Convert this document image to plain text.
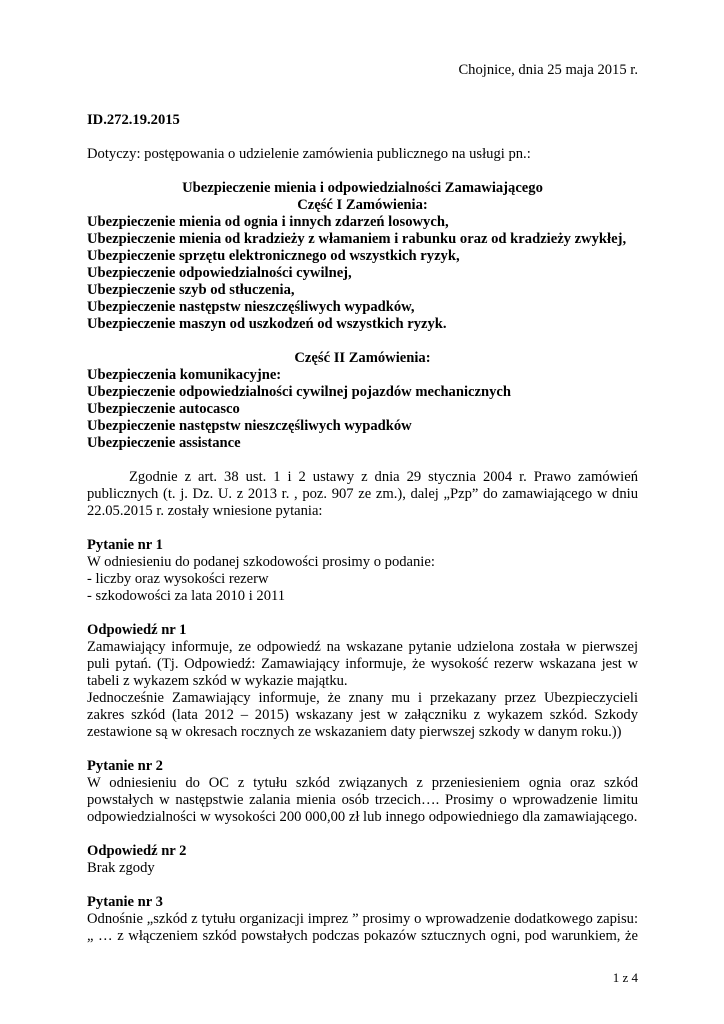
Chojnice, dnia 25 maja 2015 r.
ID.272.19.2015
Dotyczy: postępowania o udzielenie zamówienia publicznego na usługi pn.:
Ubezpieczenie mienia i odpowiedzialności Zamawiającego
Część I Zamówienia:
Ubezpieczenie mienia od ognia i innych zdarzeń losowych,
Ubezpieczenie mienia od kradzieży z włamaniem i rabunku oraz od kradzieży zwykłej,
Ubezpieczenie sprzętu elektronicznego od wszystkich ryzyk,
Ubezpieczenie odpowiedzialności cywilnej,
Ubezpieczenie szyb od stłuczenia,
Ubezpieczenie następstw nieszczęśliwych wypadków,
Ubezpieczenie maszyn od uszkodzeń od wszystkich ryzyk.
Część II Zamówienia:
Ubezpieczenia komunikacyjne:
Ubezpieczenie odpowiedzialności cywilnej pojazdów mechanicznych
Ubezpieczenie autocasco
Ubezpieczenie następstw nieszczęśliwych wypadków
Ubezpieczenie assistance
Zgodnie z art. 38 ust. 1 i 2 ustawy z dnia 29 stycznia 2004 r. Prawo zamówień
publicznych (t. j. Dz. U. z 2013 r. , poz. 907 ze zm.), dalej „Pzp” do zamawiającego w dniu
22.05.2015 r. zostały wniesione pytania:
Pytanie nr 1
W odniesieniu do podanej szkodowości prosimy o podanie:
- liczby oraz wysokości rezerw
- szkodowości za lata 2010 i 2011
Odpowiedź nr 1
Zamawiający informuje, ze odpowiedź na wskazane pytanie udzielona została w pierwszej
puli pytań. (Tj. Odpowiedź: Zamawiający informuje, że wysokość rezerw wskazana jest w
tabeli z wykazem szkód w wykazie majątku.
Jednocześnie Zamawiający informuje, że znany mu i przekazany przez Ubezpieczycieli
zakres szkód (lata 2012 – 2015) wskazany jest w załączniku z wykazem szkód. Szkody
zestawione są w okresach rocznych ze wskazaniem daty pierwszej szkody w danym roku.))
Pytanie nr 2
W odniesieniu do OC z tytułu szkód związanych z przeniesieniem ognia oraz szkód
powstałych w następstwie zalania mienia osób trzecich…. Prosimy o wprowadzenie limitu
odpowiedzialności w wysokości 200 000,00 zł lub innego odpowiedniego dla zamawiającego.
Odpowiedź nr 2
Brak zgody
Pytanie nr 3
Odnośnie „szkód z tytułu organizacji imprez ” prosimy o wprowadzenie dodatkowego zapisu:
„ … z włączeniem szkód powstałych podczas pokazów sztucznych ogni, pod warunkiem, że
1 z 4
